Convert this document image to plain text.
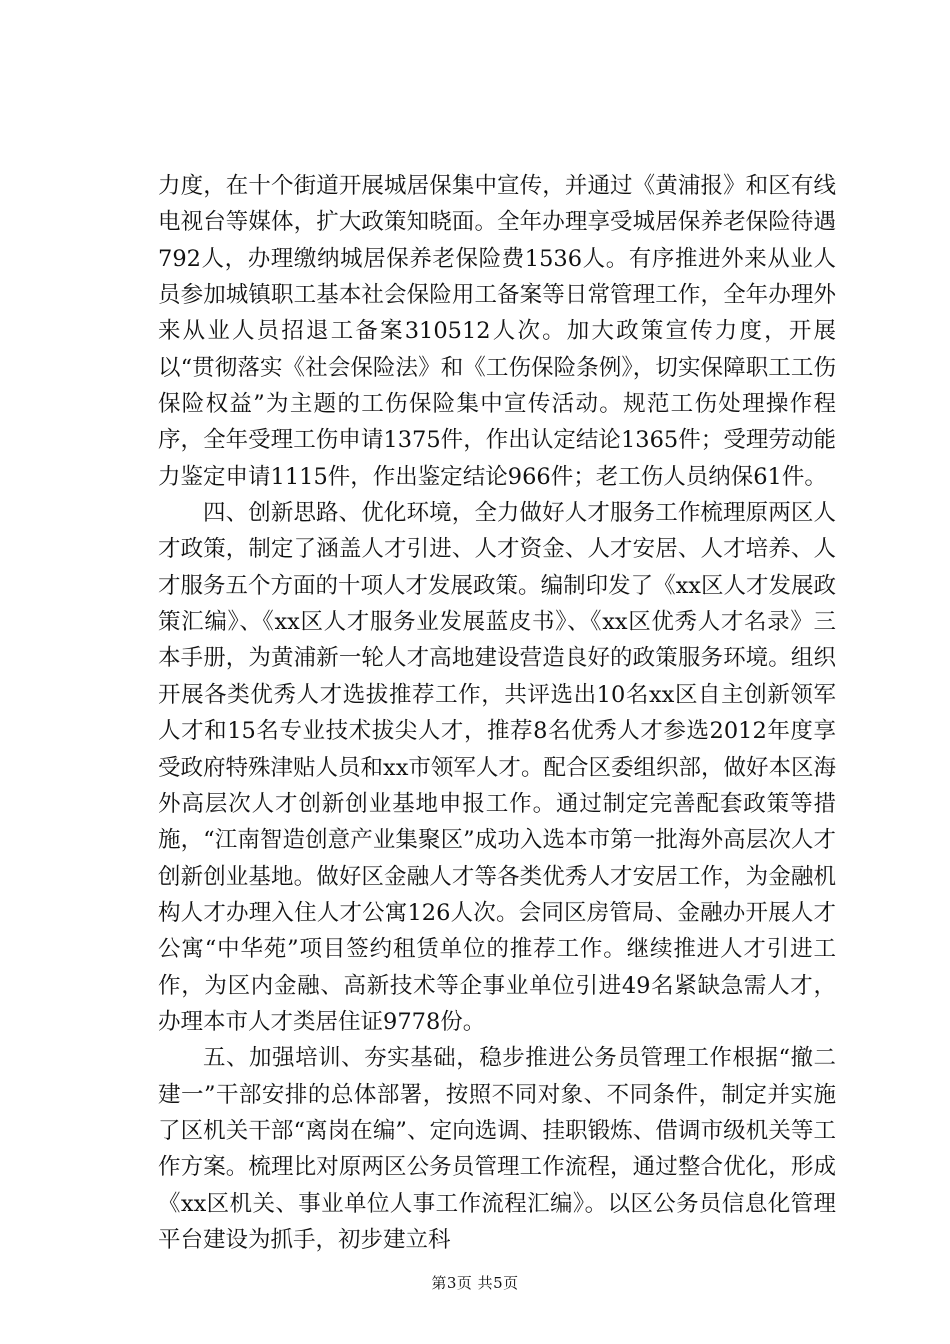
力度，在十个街道开展城居保集中宣传，并通过《黄浦报》和区有线电视台等媒体，扩大政策知晓面。全年办理享受城居保养老保险待遇792人，办理缴纳城居保养老保险费1536人。有序推进外来从业人员参加城镇职工基本社会保险用工备案等日常管理工作，全年办理外来从业人员招退工备案310512人次。加大政策宣传力度，开展以“贯彻落实《社会保险法》和《工伤保险条例》，切实保障职工工伤保险权益”为主题的工伤保险集中宣传活动。规范工伤处理操作程序，全年受理工伤申请1375件，作出认定结论1365件；受理劳动能力鉴定申请1115件，作出鉴定结论966件；老工伤人员纳保61件。

四、创新思路、优化环境，全力做好人才服务工作梳理原两区人才政策，制定了涵盖人才引进、人才资金、人才安居、人才培养、人才服务五个方面的十项人才发展政策。编制印发了《xx区人才发展政策汇编》、《xx区人才服务业发展蓝皮书》、《xx区优秀人才名录》三本手册，为黄浦新一轮人才高地建设营造良好的政策服务环境。组织开展各类优秀人才选拔推荐工作，共评选出10名xx区自主创新领军人才和15名专业技术拔尖人才，推荐8名优秀人才参选2012年度享受政府特殊津贴人员和xx市领军人才。配合区委组织部，做好本区海外高层次人才创新创业基地申报工作。通过制定完善配套政策等措施，“江南智造创意产业集聚区”成功入选本市第一批海外高层次人才创新创业基地。做好区金融人才等各类优秀人才安居工作，为金融机构人才办理入住人才公寓126人次。会同区房管局、金融办开展人才公寓“中华苑”项目签约租赁单位的推荐工作。继续推进人才引进工作，为区内金融、高新技术等企事业单位引进49名紧缺急需人才，办理本市人才类居住证9778份。

五、加强培训、夯实基础，稳步推进公务员管理工作根据“撤二建一”干部安排的总体部署，按照不同对象、不同条件，制定并实施了区机关干部“离岗在编”、定向选调、挂职锻炼、借调市级机关等工作方案。梳理比对原两区公务员管理工作流程，通过整合优化，形成《xx区机关、事业单位人事工作流程汇编》。以区公务员信息化管理平台建设为抓手，初步建立科

第3页 共5页
